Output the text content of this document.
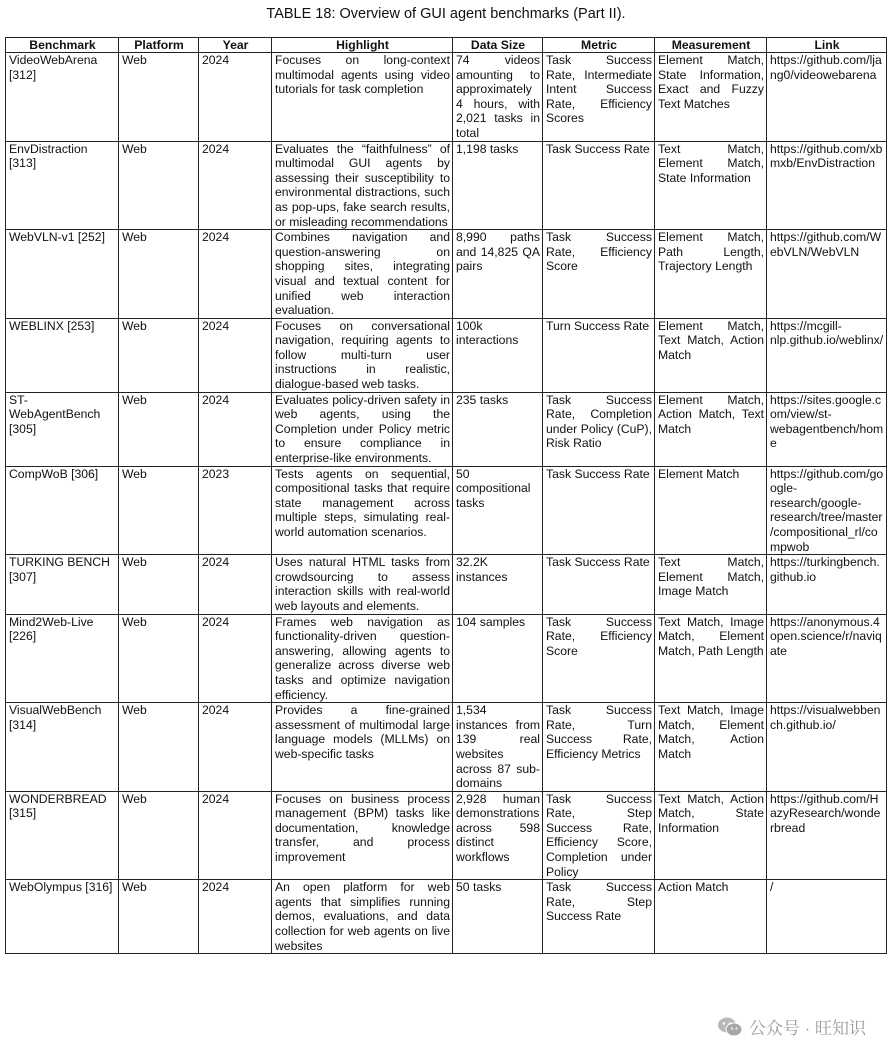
TABLE 18: Overview of GUI agent benchmarks (Part II).
Benchmark	Platform	Year	Highlight	Data Size	Metric	Measurement	Link
VideoWebArena [312]	Web	2024	Focuses on long-context multimodal agents using video tutorials for task completion	74 videos amounting to approximately 4 hours, with 2,021 tasks in total	Task Success Rate, Intermediate Intent Success Rate, Efficiency Scores	Element Match, State Information, Exact and Fuzzy Text Matches	https://github.com/ljang0/videowebarena
EnvDistraction [313]	Web	2024	Evaluates the “faithfulness” of multimodal GUI agents by assessing their susceptibility to environmental distractions, such as pop-ups, fake search results, or misleading recommendations	1,198 tasks	Task Success Rate	Text Match, Element Match, State Information	https://github.com/xbmxb/EnvDistraction
WebVLN-v1 [252]	Web	2024	Combines navigation and question-answering on shopping sites, integrating visual and textual content for unified web interaction evaluation.	8,990 paths and 14,825 QA pairs	Task Success Rate, Efficiency Score	Element Match, Path Length, Trajectory Length	https://github.com/WebVLN/WebVLN
WEBLINX [253]	Web	2024	Focuses on conversational navigation, requiring agents to follow multi-turn user instructions in realistic, dialogue-based web tasks.	100k interactions	Turn Success Rate	Element Match, Text Match, Action Match	https://mcgill-nlp.github.io/weblinx/
ST-WebAgentBench [305]	Web	2024	Evaluates policy-driven safety in web agents, using the Completion under Policy metric to ensure compliance in enterprise-like environments.	235 tasks	Task Success Rate, Completion under Policy (CuP), Risk Ratio	Element Match, Action Match, Text Match	https://sites.google.com/view/st-webagentbench/home
CompWoB [306]	Web	2023	Tests agents on sequential, compositional tasks that require state management across multiple steps, simulating real-world automation scenarios.	50 compositional tasks	Task Success Rate	Element Match	https://github.com/google-research/google-research/tree/master/compositional_rl/compwob
TURKING BENCH [307]	Web	2024	Uses natural HTML tasks from crowdsourcing to assess interaction skills with real-world web layouts and elements.	32.2K instances	Task Success Rate	Text Match, Element Match, Image Match	https://turkingbench.github.io
Mind2Web-Live [226]	Web	2024	Frames web navigation as functionality-driven question-answering, allowing agents to generalize across diverse web tasks and optimize navigation efficiency.	104 samples	Task Success Rate, Efficiency Score	Text Match, Image Match, Element Match, Path Length	https://anonymous.4open.science/r/naviqate
VisualWebBench [314]	Web	2024	Provides a fine-grained assessment of multimodal large language models (MLLMs) on web-specific tasks	1,534 instances from 139 real websites across 87 sub-domains	Task Success Rate, Turn Success Rate, Efficiency Metrics	Text Match, Image Match, Element Match, Action Match	https://visualwebbench.github.io/
WONDERBREAD [315]	Web	2024	Focuses on business process management (BPM) tasks like documentation, knowledge transfer, and process improvement	2,928 human demonstrations across 598 distinct workflows	Task Success Rate, Step Success Rate, Efficiency Score, Completion under Policy	Text Match, Action Match, State Information	https://github.com/HazyResearch/wonderbread
WebOlympus [316]	Web	2024	An open platform for web agents that simplifies running demos, evaluations, and data collection for web agents on live websites	50 tasks	Task Success Rate, Step Success Rate	Action Match	/
公众号 · 旺知识
